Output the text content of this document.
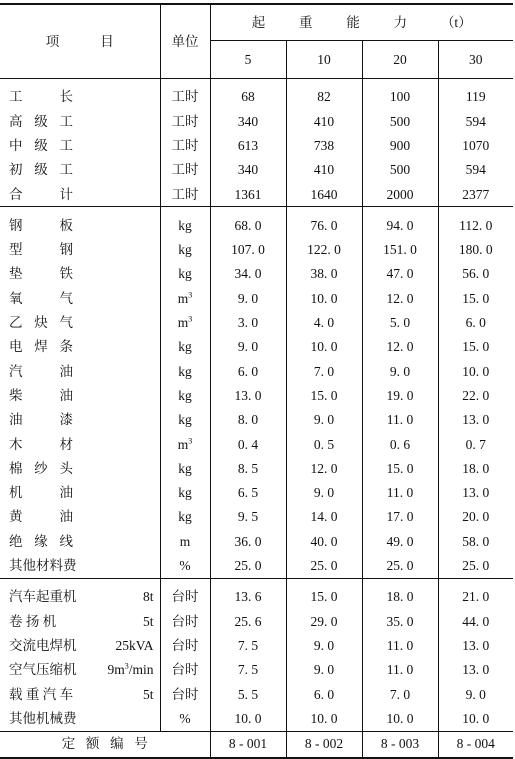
项 目	单位	起 重 能 力 （t）			

		5	10	20	30

工 长	工时	68	82	100	119

高 级 工	工时	340	410	500	594

中 级 工	工时	613	738	900	1070

初 级 工	工时	340	410	500	594

合 计	工时	1361	1640	2000	2377

钢 板	kg	68. 0	76. 0	94. 0	112. 0

型 钢	kg	107. 0	122. 0	151. 0	180. 0

垫 铁	kg	34. 0	38. 0	47. 0	56. 0

氧 气	$m^3$	9. 0	10. 0	12. 0	15. 0

乙 炔 气	$m^3$	3. 0	4. 0	5. 0	6. 0

电 焊 条	kg	9. 0	10. 0	12. 0	15. 0

汽 油	kg	6. 0	7. 0	9. 0	10. 0

柴 油	kg	13. 0	15. 0	19. 0	22. 0

油 漆	kg	8. 0	9. 0	11. 0	13. 0

木 材	$m^3$	0. 4	0. 5	0. 6	0. 7

棉 纱 头	kg	8. 5	12. 0	15. 0	18. 0

机 油	kg	6. 5	9. 0	11. 0	13. 0

黄 油	kg	9. 5	14. 0	17. 0	20. 0

绝 缘 线	m	36. 0	40. 0	49. 0	58. 0
其他材料费	%	25. 0	25. 0	25. 0	25. 0

汽车起重机 8t	台时	13. 6	15. 0	18. 0	21. 0

卷 扬 机 5t	台时	25. 6	29. 0	35. 0	44. 0

交流电焊机 25kVA	台时	7. 5	9. 0	11. 0	13. 0

空气压缩机 $9m^3/\min$	台时	7. 5	9. 0	11. 0	13. 0

载 重 汽 车 5t	台时	5. 5	6. 0	7. 0	9. 0

其他机械费	%	10. 0	10. 0	10. 0	10. 0

定 额 编 号		8 - 001	8 - 002	8 - 003	8 - 004
